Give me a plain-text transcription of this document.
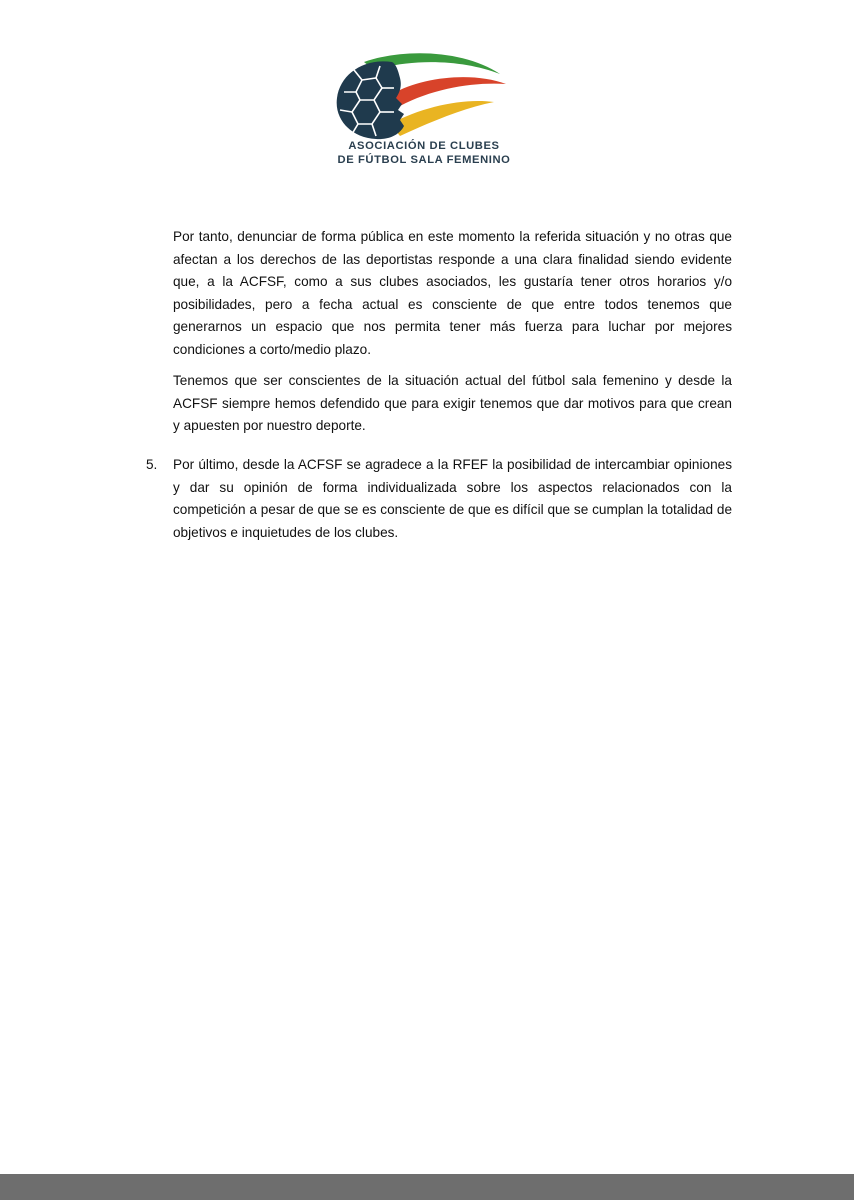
ASOCIACIÓN DE CLUBES
DE FÚTBOL SALA FEMENINO

Por tanto, denunciar de forma pública en este momento la referida situación y no otras que afectan a los derechos de las deportistas responde a una clara finalidad siendo evidente que, a la ACFSF, como a sus clubes asociados, les gustaría tener otros horarios y/o posibilidades, pero a fecha actual es consciente de que entre todos tenemos que generarnos un espacio que nos permita tener más fuerza para luchar por mejores condiciones a corto/medio plazo.

Tenemos que ser conscientes de la situación actual del fútbol sala femenino y desde la ACFSF siempre hemos defendido que para exigir tenemos que dar motivos para que crean y apuesten por nuestro deporte.

5. Por último, desde la ACFSF se agradece a la RFEF la posibilidad de intercambiar opiniones y dar su opinión de forma individualizada sobre los aspectos relacionados con la competición a pesar de que se es consciente de que es difícil que se cumplan la totalidad de objetivos e inquietudes de los clubes.
